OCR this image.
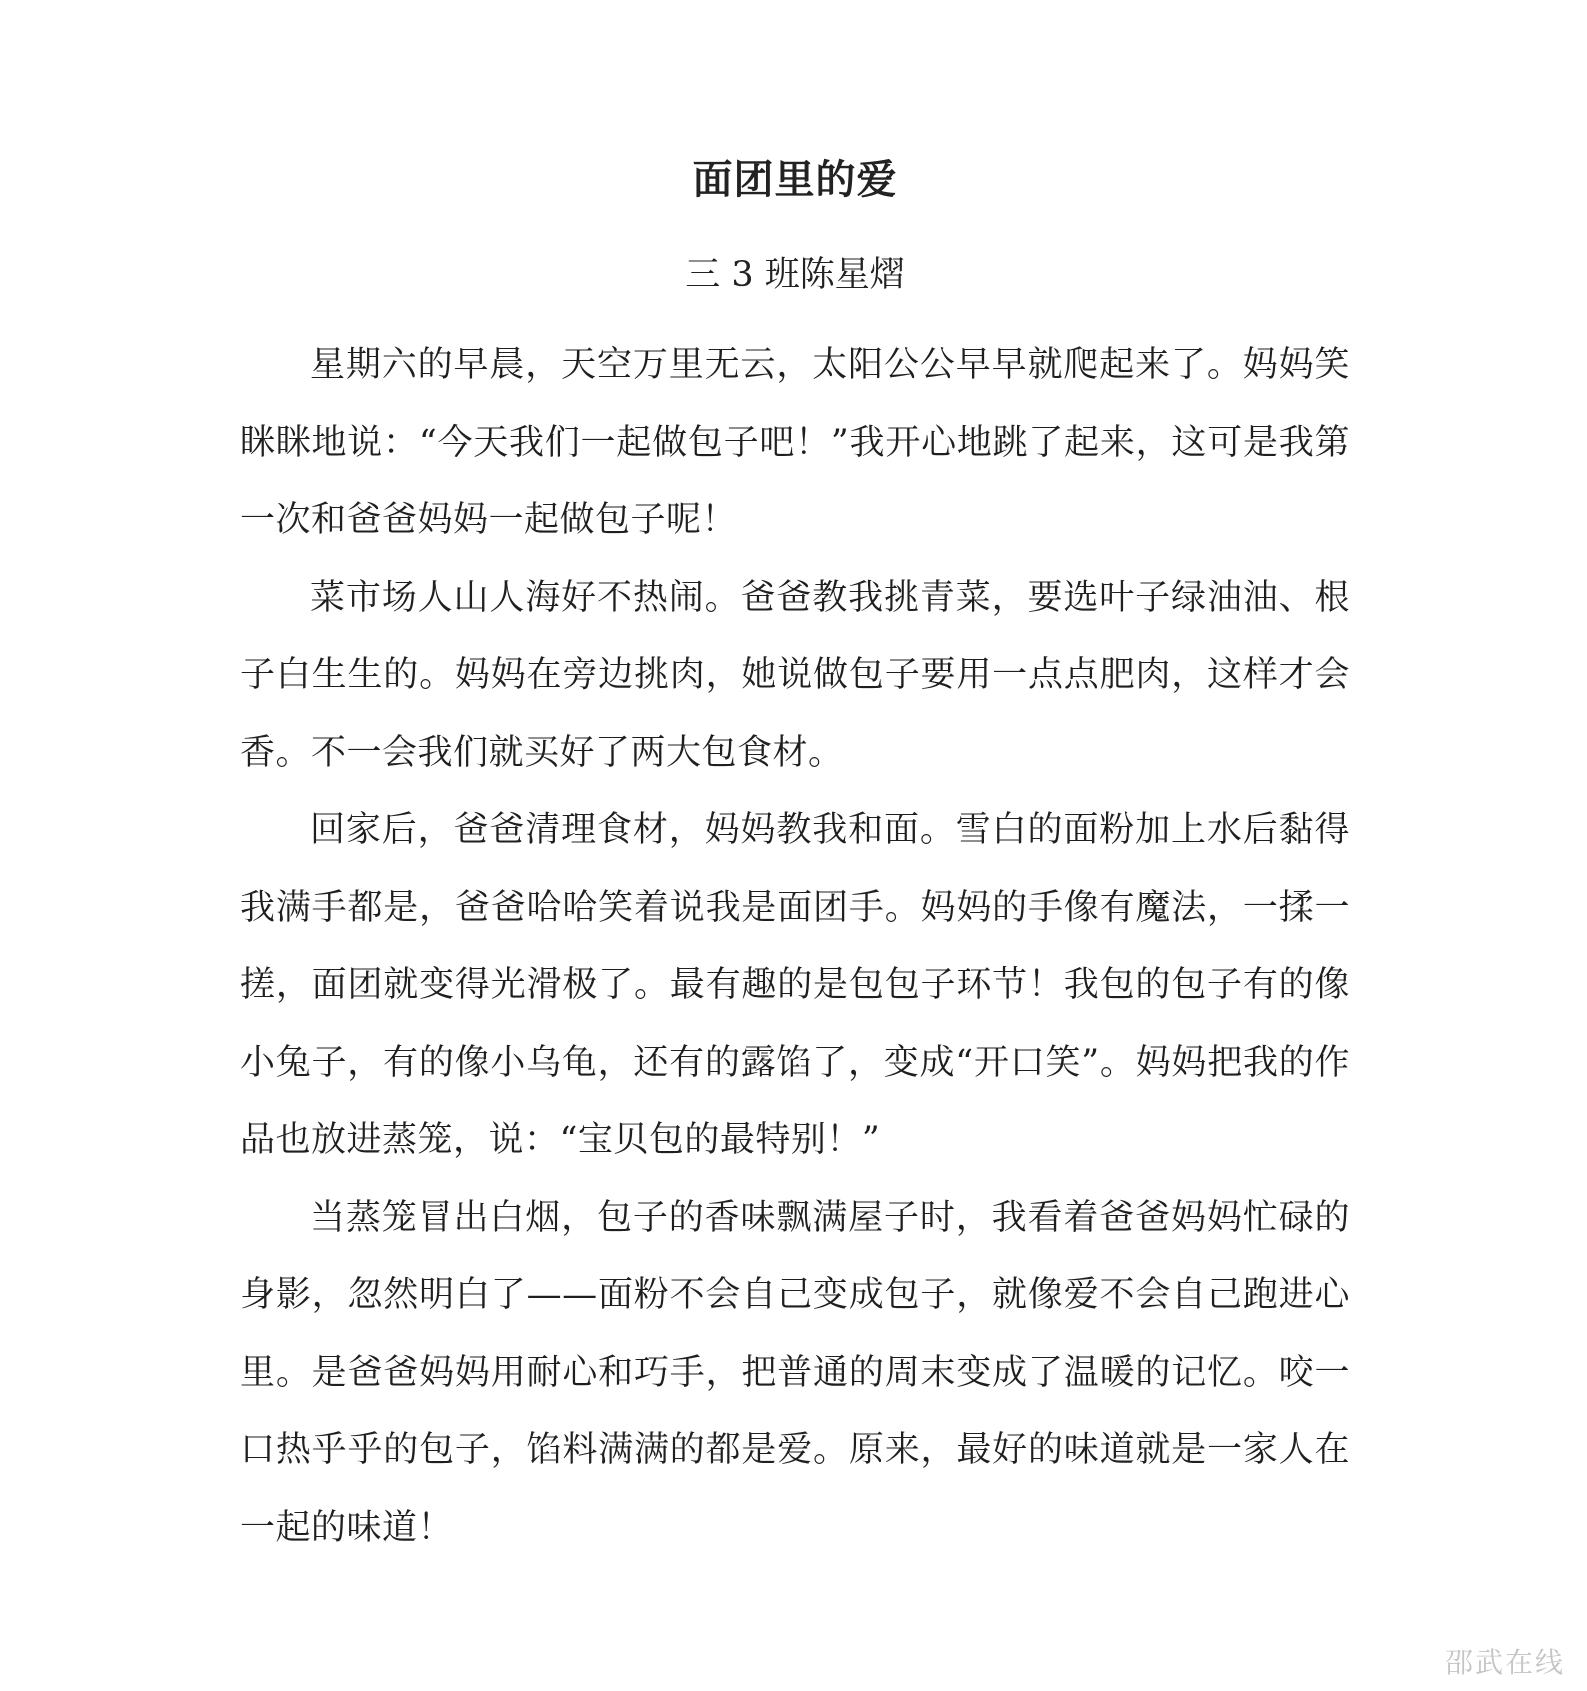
面团里的爱
三 3 班陈星熠

星期六的早晨，天空万里无云，太阳公公早早就爬起来了。妈妈笑眯眯地说：“今天我们一起做包子吧！”我开心地跳了起来，这可是我第一次和爸爸妈妈一起做包子呢！

菜市场人山人海好不热闹。爸爸教我挑青菜，要选叶子绿油油、根子白生生的。妈妈在旁边挑肉，她说做包子要用一点点肥肉，这样才会香。不一会我们就买好了两大包食材。

回家后，爸爸清理食材，妈妈教我和面。雪白的面粉加上水后黏得我满手都是，爸爸哈哈笑着说我是面团手。妈妈的手像有魔法，一揉一搓，面团就变得光滑极了。最有趣的是包包子环节！我包的包子有的像小兔子，有的像小乌龟，还有的露馅了，变成“开口笑”。妈妈把我的作品也放进蒸笼，说：“宝贝包的最特别！”

当蒸笼冒出白烟，包子的香味飘满屋子时，我看着爸爸妈妈忙碌的身影，忽然明白了——面粉不会自己变成包子，就像爱不会自己跑进心里。是爸爸妈妈用耐心和巧手，把普通的周末变成了温暖的记忆。咬一口热乎乎的包子，馅料满满的都是爱。原来，最好的味道就是一家人在一起的味道！

邵武在线
